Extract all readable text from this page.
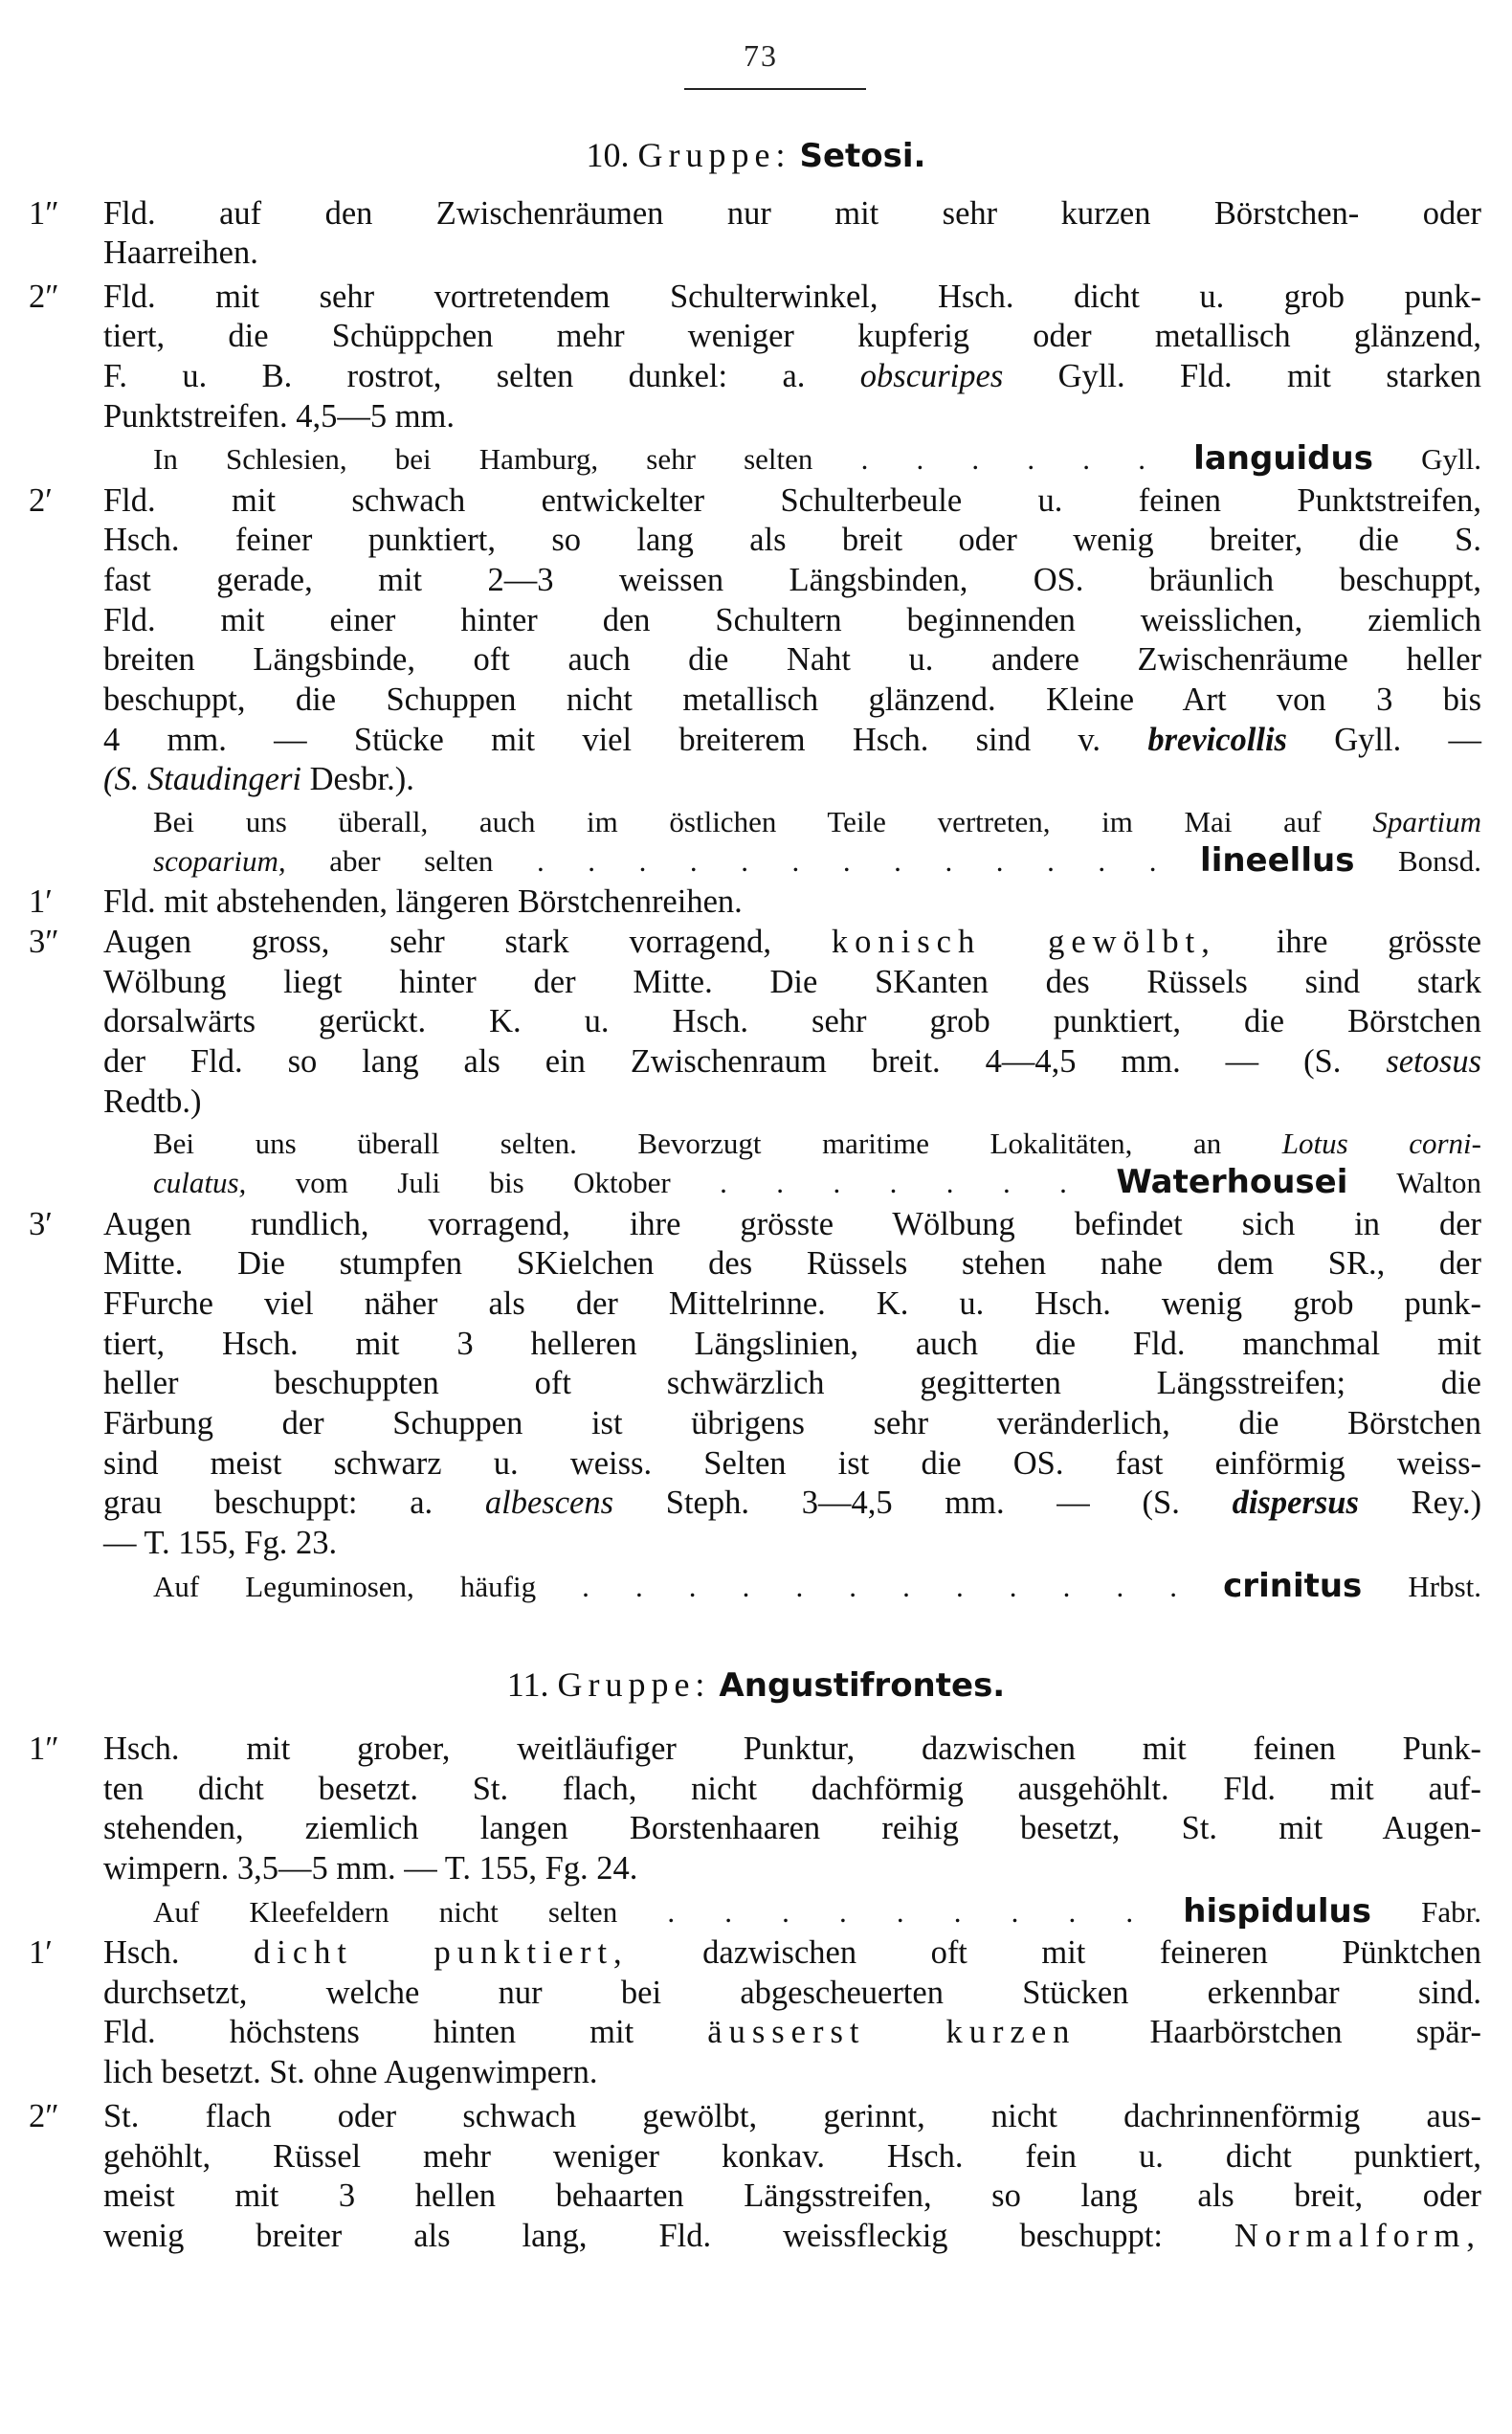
73
10. Gruppe: Setosi.
1″ Fld. auf den Zwischenräumen nur mit sehr kurzen Börstchen- oder
Haarreihen.
2″ Fld. mit sehr vortretendem Schulterwinkel, Hsch. dicht u. grob punk-
tiert, die Schüppchen mehr weniger kupferig oder metallisch glänzend,
F. u. B. rostrot, selten dunkel: a. obscuripes Gyll. Fld. mit starken
Punktstreifen. 4,5—5 mm.
In Schlesien, bei Hamburg, sehr selten . . . . . . languidus Gyll.
2′ Fld. mit schwach entwickelter Schulterbeule u. feinen Punktstreifen,
Hsch. feiner punktiert, so lang als breit oder wenig breiter, die S.
fast gerade, mit 2—3 weissen Längsbinden, OS. bräunlich beschuppt,
Fld. mit einer hinter den Schultern beginnenden weisslichen, ziemlich
breiten Längsbinde, oft auch die Naht u. andere Zwischenräume heller
beschuppt, die Schuppen nicht metallisch glänzend. Kleine Art von 3 bis
4 mm. — Stücke mit viel breiterem Hsch. sind v. brevicollis Gyll. —
(S. Staudingeri Desbr.).
Bei uns überall, auch im östlichen Teile vertreten, im Mai auf Spartium
scoparium, aber selten . . . . . . . . . . . . . lineellus Bonsd.
1′ Fld. mit abstehenden, längeren Börstchenreihen.
3″ Augen gross, sehr stark vorragend, konisch gewölbt, ihre grösste
Wölbung liegt hinter der Mitte. Die SKanten des Rüssels sind stark
dorsalwärts gerückt. K. u. Hsch. sehr grob punktiert, die Börstchen
der Fld. so lang als ein Zwischenraum breit. 4—4,5 mm. — (S. setosus
Redtb.)
Bei uns überall selten. Bevorzugt maritime Lokalitäten, an Lotus corni-
culatus, vom Juli bis Oktober . . . . . . . Waterhousei Walton
3′ Augen rundlich, vorragend, ihre grösste Wölbung befindet sich in der
Mitte. Die stumpfen SKielchen des Rüssels stehen nahe dem SR., der
FFurche viel näher als der Mittelrinne. K. u. Hsch. wenig grob punk-
tiert, Hsch. mit 3 helleren Längslinien, auch die Fld. manchmal mit
heller beschuppten oft schwärzlich gegitterten Längsstreifen; die
Färbung der Schuppen ist übrigens sehr veränderlich, die Börstchen
sind meist schwarz u. weiss. Selten ist die OS. fast einförmig weiss-
grau beschuppt: a. albescens Steph. 3—4,5 mm. — (S. dispersus Rey.)
— T. 155, Fg. 23.
Auf Leguminosen, häufig . . . . . . . . . . . . crinitus Hrbst.
11. Gruppe: Angustifrontes.
1″ Hsch. mit grober, weitläufiger Punktur, dazwischen mit feinen Punk-
ten dicht besetzt. St. flach, nicht dachförmig ausgehöhlt. Fld. mit auf-
stehenden, ziemlich langen Borstenhaaren reihig besetzt, St. mit Augen-
wimpern. 3,5—5 mm. — T. 155, Fg. 24.
Auf Kleefeldern nicht selten . . . . . . . . . hispidulus Fabr.
1′ Hsch. dicht punktiert, dazwischen oft mit feineren Pünktchen
durchsetzt, welche nur bei abgescheuerten Stücken erkennbar sind.
Fld. höchstens hinten mit äusserst kurzen Haarbörstchen spär-
lich besetzt. St. ohne Augenwimpern.
2″ St. flach oder schwach gewölbt, gerinnt, nicht dachrinnenförmig aus-
gehöhlt, Rüssel mehr weniger konkav. Hsch. fein u. dicht punktiert,
meist mit 3 hellen behaarten Längsstreifen, so lang als breit, oder
wenig breiter als lang, Fld. weissfleckig beschuppt: Normalform,
